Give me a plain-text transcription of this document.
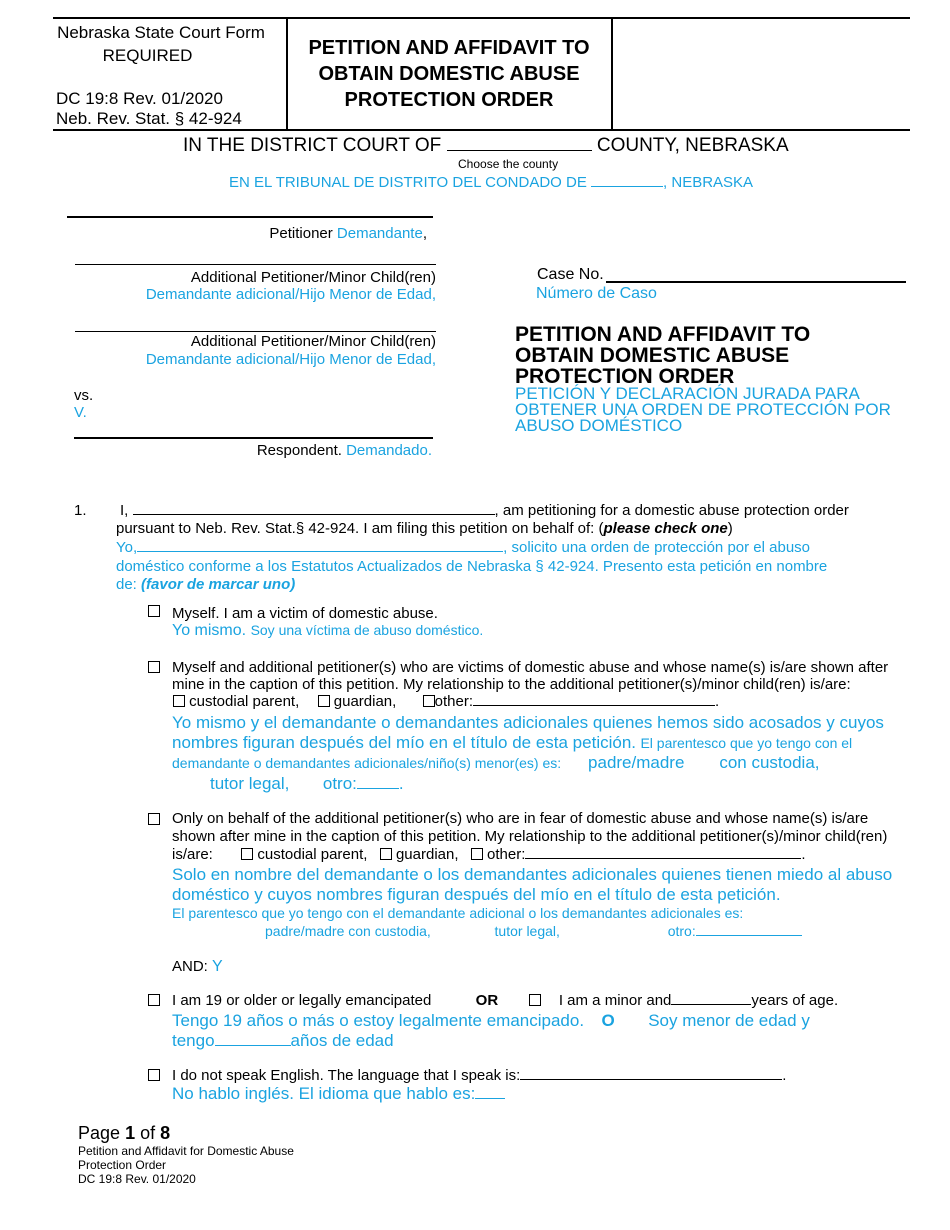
Nebraska State Court Form
REQUIRED
DC 19:8 Rev. 01/2020
Neb. Rev. Stat. § 42-924
PETITION AND AFFIDAVIT TO
OBTAIN DOMESTIC ABUSE
PROTECTION ORDER
IN THE DISTRICT COURT OF	COUNTY, NEBRASKA
Choose the county
EN EL TRIBUNAL DE DISTRITO DEL CONDADO DE	, NEBRASKA
Petitioner Demandante,
Additional Petitioner/Minor Child(ren)
Demandante adicional/Hijo Menor de Edad,
Additional Petitioner/Minor Child(ren)
Demandante adicional/Hijo Menor de Edad,
vs.
V.
Respondent. Demandado.
Case No.
Número de Caso
PETITION AND AFFIDAVIT TO
OBTAIN DOMESTIC ABUSE
PROTECTION ORDER
PETICIÓN Y DECLARACIÓN JURADA PARA
OBTENER UNA ORDEN DE PROTECCIÓN POR
ABUSO DOMÉSTICO
1. I,	, am petitioning for a domestic abuse protection order
pursuant to Neb. Rev. Stat.§ 42-924. I am filing this petition on behalf of: (please check one)
Yo,	, solicito una orden de protección por el abuso
doméstico conforme a los Estatutos Actualizados de Nebraska § 42-924. Presento esta petición en nombre
de: (favor de marcar uno)
Myself. I am a victim of domestic abuse.
Yo mismo. Soy una víctima de abuso doméstico.
Myself and additional petitioner(s) who are victims of domestic abuse and whose name(s) is/are shown after
mine in the caption of this petition. My relationship to the additional petitioner(s)/minor child(ren) is/are:
custodial parent, guardian,	other:	.
Yo mismo y el demandante o demandantes adicionales quienes hemos sido acosados y cuyos
nombres figuran después del mío en el título de esta petición. El parentesco que yo tengo con el
demandante o demandantes adicionales/niño(s) menor(es) es: padre/madre con custodia,
tutor legal, otro: .
Only on behalf of the additional petitioner(s) who are in fear of domestic abuse and whose name(s) is/are
shown after mine in the caption of this petition. My relationship to the additional petitioner(s)/minor child(ren)
is/are:	custodial parent, guardian, other:	.
Solo en nombre del demandante o los demandantes adicionales quienes tienen miedo al abuso
doméstico y cuyos nombres figuran después del mío en el título de esta petición.
El parentesco que yo tengo con el demandante adicional o los demandantes adicionales es:
padre/madre con custodia,	tutor legal,	otro:
AND: Y
I am 19 or older or legally emancipated	OR	I am a minor and	years of age.
Tengo 19 años o más o estoy legalmente emancipado. O Soy menor de edad y
tengo	años de edad
I do not speak English. The language that I speak is:	.
No hablo inglés. El idioma que hablo es:
Page 1 of 8
Petition and Affidavit for Domestic Abuse
Protection Order
DC 19:8 Rev. 01/2020
